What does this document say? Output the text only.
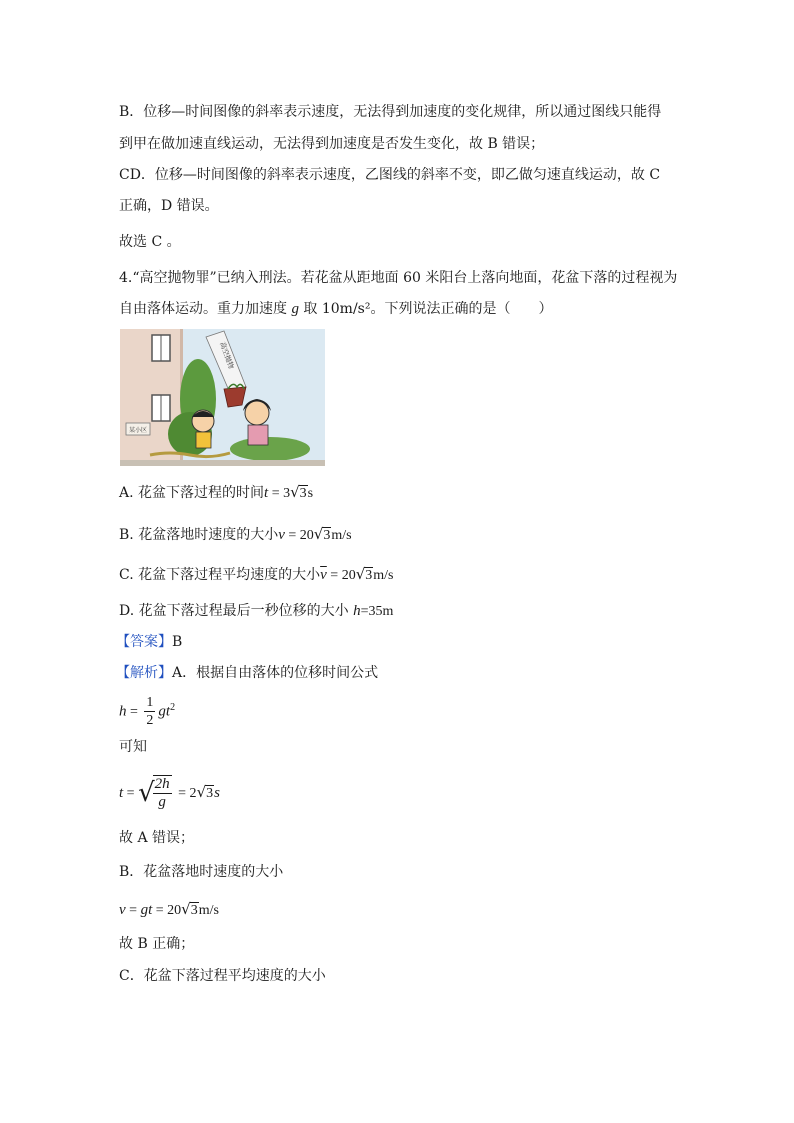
B．位移—时间图像的斜率表示速度，无法得到加速度的变化规律，所以通过图线只能得
到甲在做加速直线运动，无法得到加速度是否发生变化，故 B 错误；
CD．位移—时间图像的斜率表示速度，乙图线的斜率不变，即乙做匀速直线运动，故 C
正确，D 错误。
故选 C 。
4.“高空抛物罪”已纳入刑法。若花盆从距地面 60 米阳台上落向地面，花盆下落的过程视为
自由落体运动。重力加速度 g 取 10m/s²。下列说法正确的是（　　）
某小区
高空抛物
A. 花盆下落过程的时间t = 3√3s
B. 花盆落地时速度的大小v = 20√3m/s
C. 花盆下落过程平均速度的大小$\overline{v} = 20√3m/s$
D. 花盆下落过程最后一秒位移的大小 h=35m
【答案】B
【解析】A．根据自由落体的位移时间公式
$h = \frac{1}{2} gt^2$
可知
t = √
$\frac{2h}{g} = 2√3s$
故 A 错误；
B．花盆落地时速度的大小
v = gt = 20√3m/s
故 B 正确；
C．花盆下落过程平均速度的大小
